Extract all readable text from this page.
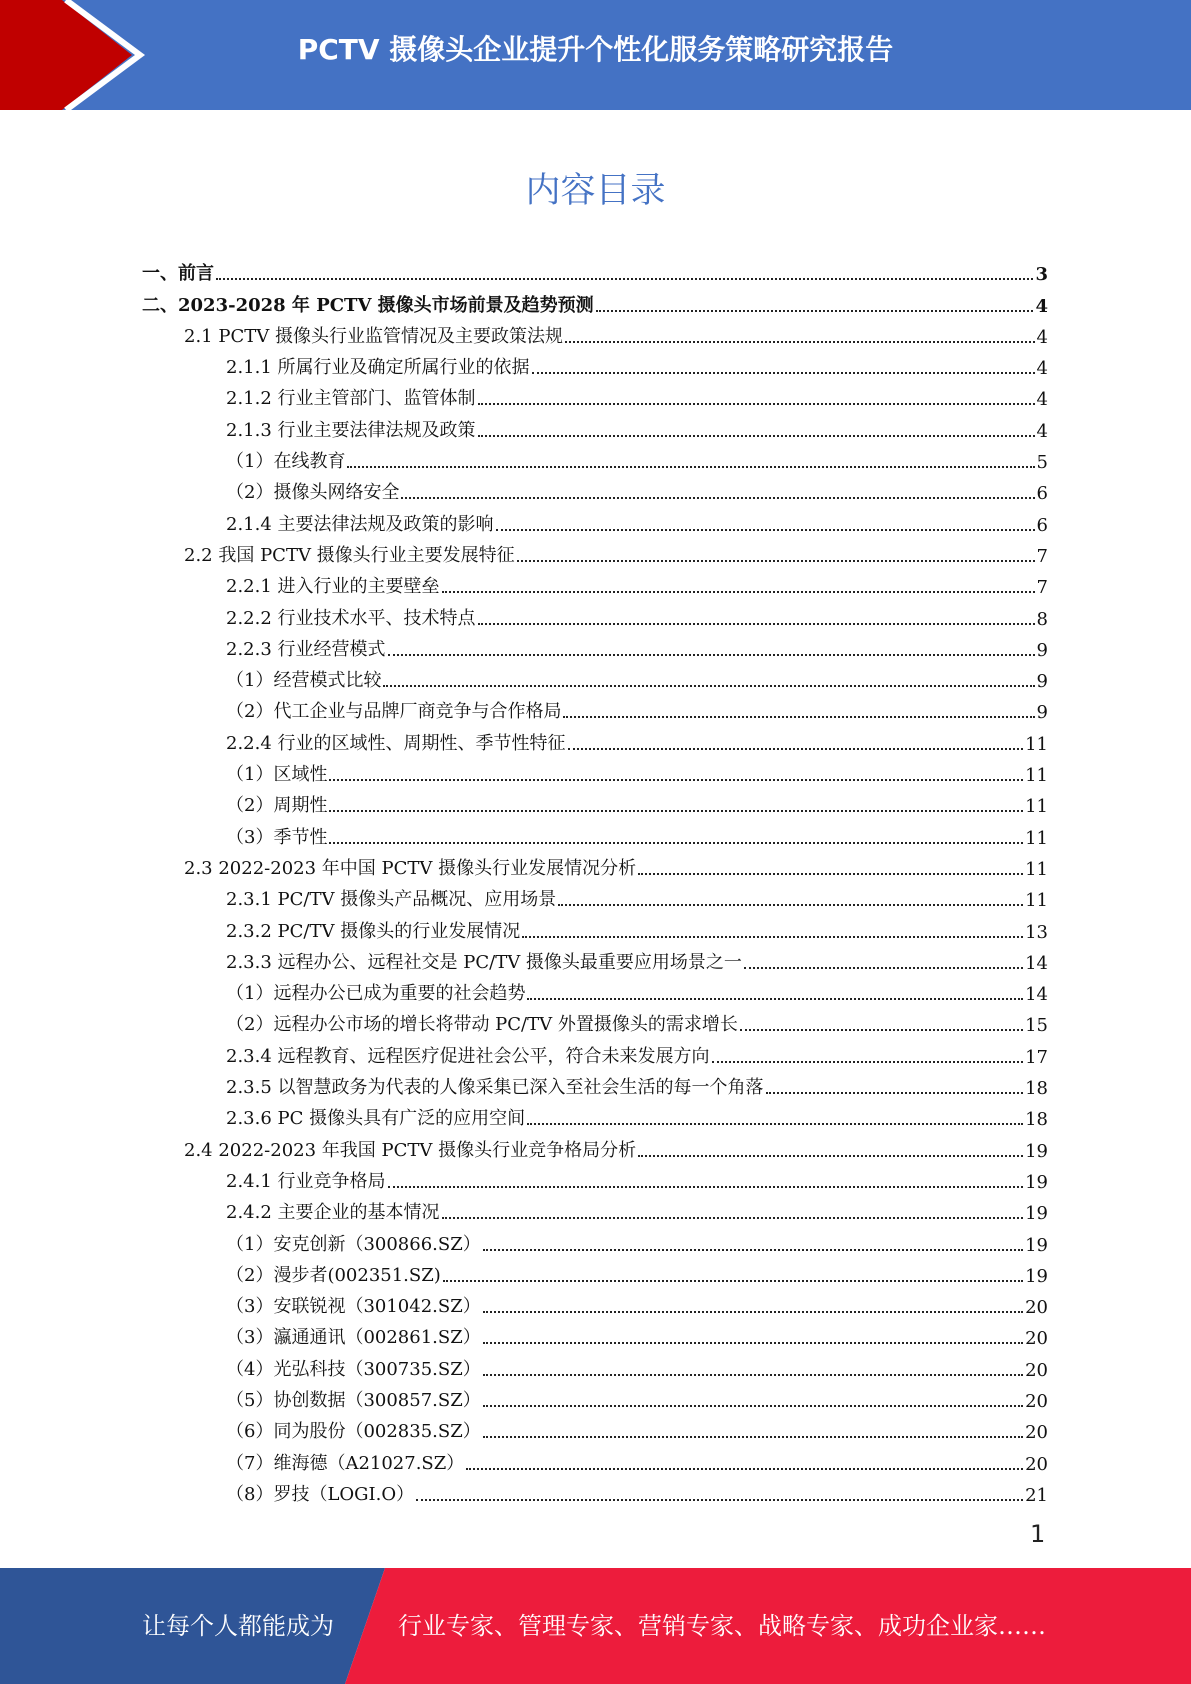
PCTV 摄像头企业提升个性化服务策略研究报告
内容目录
一、前言	3
二、2023-2028 年 PCTV 摄像头市场前景及趋势预测	4
2.1 PCTV 摄像头行业监管情况及主要政策法规	4
2.1.1 所属行业及确定所属行业的依据	4
2.1.2 行业主管部门、监管体制	4
2.1.3 行业主要法律法规及政策	4
（1）在线教育	5
（2）摄像头网络安全	6
2.1.4 主要法律法规及政策的影响	6
2.2 我国 PCTV 摄像头行业主要发展特征	7
2.2.1 进入行业的主要壁垒	7
2.2.2 行业技术水平、技术特点	8
2.2.3 行业经营模式	9
（1）经营模式比较	9
（2）代工企业与品牌厂商竞争与合作格局	9
2.2.4 行业的区域性、周期性、季节性特征	11
（1）区域性	11
（2）周期性	11
（3）季节性	11
2.3 2022-2023 年中国 PCTV 摄像头行业发展情况分析	11
2.3.1 PC/TV 摄像头产品概况、应用场景	11
2.3.2 PC/TV 摄像头的行业发展情况	13
2.3.3 远程办公、远程社交是 PC/TV 摄像头最重要应用场景之一	14
（1）远程办公已成为重要的社会趋势	14
（2）远程办公市场的增长将带动 PC/TV 外置摄像头的需求增长	15
2.3.4 远程教育、远程医疗促进社会公平，符合未来发展方向	17
2.3.5 以智慧政务为代表的人像采集已深入至社会生活的每一个角落	18
2.3.6 PC 摄像头具有广泛的应用空间	18
2.4 2022-2023 年我国 PCTV 摄像头行业竞争格局分析	19
2.4.1 行业竞争格局	19
2.4.2 主要企业的基本情况	19
（1）安克创新（300866.SZ）	19
（2）漫步者(002351.SZ)	19
（3）安联锐视（301042.SZ）	20
（3）瀛通通讯（002861.SZ）	20
（4）光弘科技（300735.SZ）	20
（5）协创数据（300857.SZ）	20
（6）同为股份（002835.SZ）	20
（7）维海德（A21027.SZ）	20
（8）罗技（LOGI.O）	21
1
让每个人都能成为	行业专家、管理专家、营销专家、战略专家、成功企业家……
